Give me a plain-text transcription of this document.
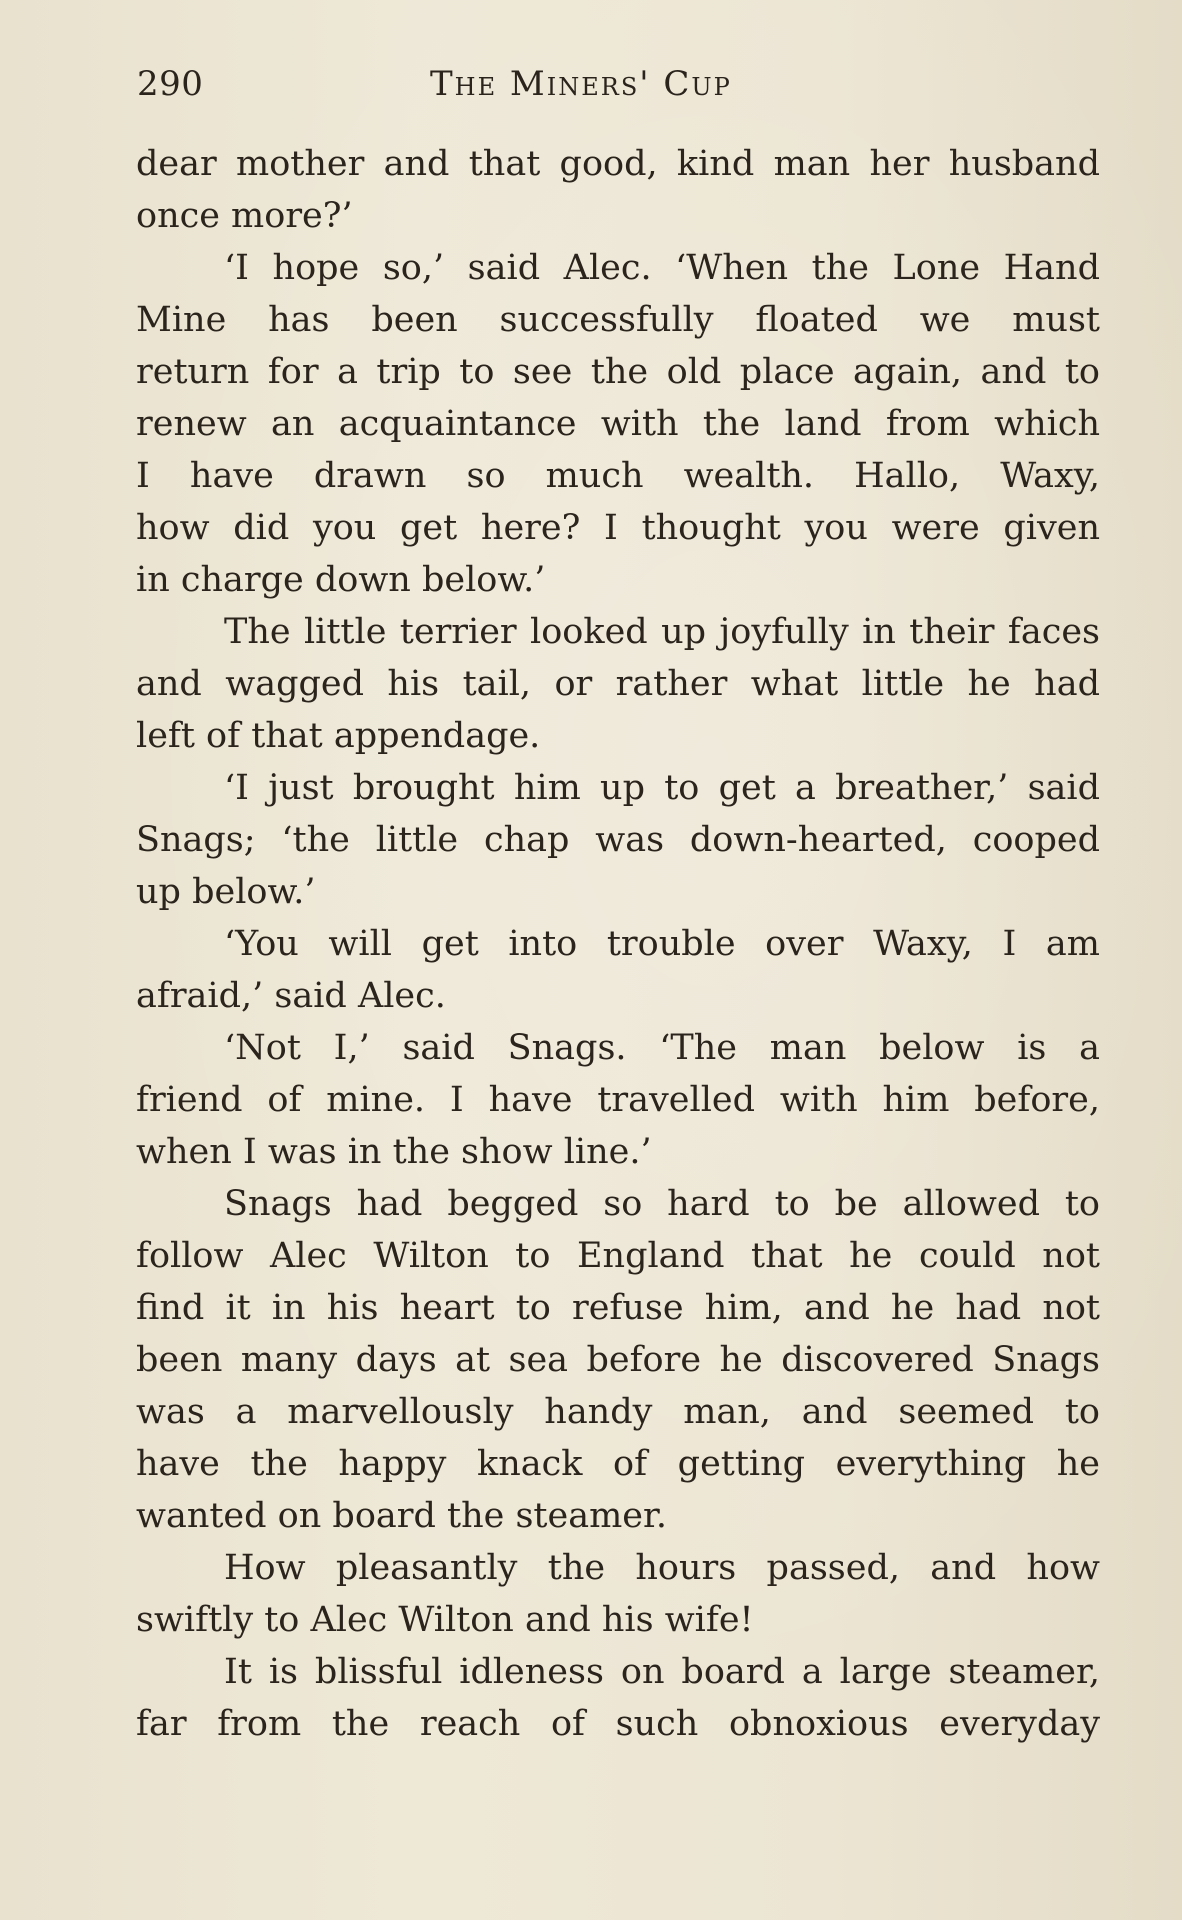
290	The Miners' Cup
dear mother and that good, kind man her husband
once more?’
‘I hope so,’ said Alec. ‘When the Lone Hand
Mine has been successfully floated we must
return for a trip to see the old place again, and to
renew an acquaintance with the land from which
I have drawn so much wealth. Hallo, Waxy,
how did you get here? I thought you were given
in charge down below.’
The little terrier looked up joyfully in their faces
and wagged his tail, or rather what little he had
left of that appendage.
‘I just brought him up to get a breather,’ said
Snags; ‘the little chap was down-hearted, cooped
up below.’
‘You will get into trouble over Waxy, I am
afraid,’ said Alec.
‘Not I,’ said Snags. ‘The man below is a
friend of mine. I have travelled with him before,
when I was in the show line.’
Snags had begged so hard to be allowed to
follow Alec Wilton to England that he could not
find it in his heart to refuse him, and he had not
been many days at sea before he discovered Snags
was a marvellously handy man, and seemed to
have the happy knack of getting everything he
wanted on board the steamer.
How pleasantly the hours passed, and how
swiftly to Alec Wilton and his wife!
It is blissful idleness on board a large steamer,
far from the reach of such obnoxious everyday
